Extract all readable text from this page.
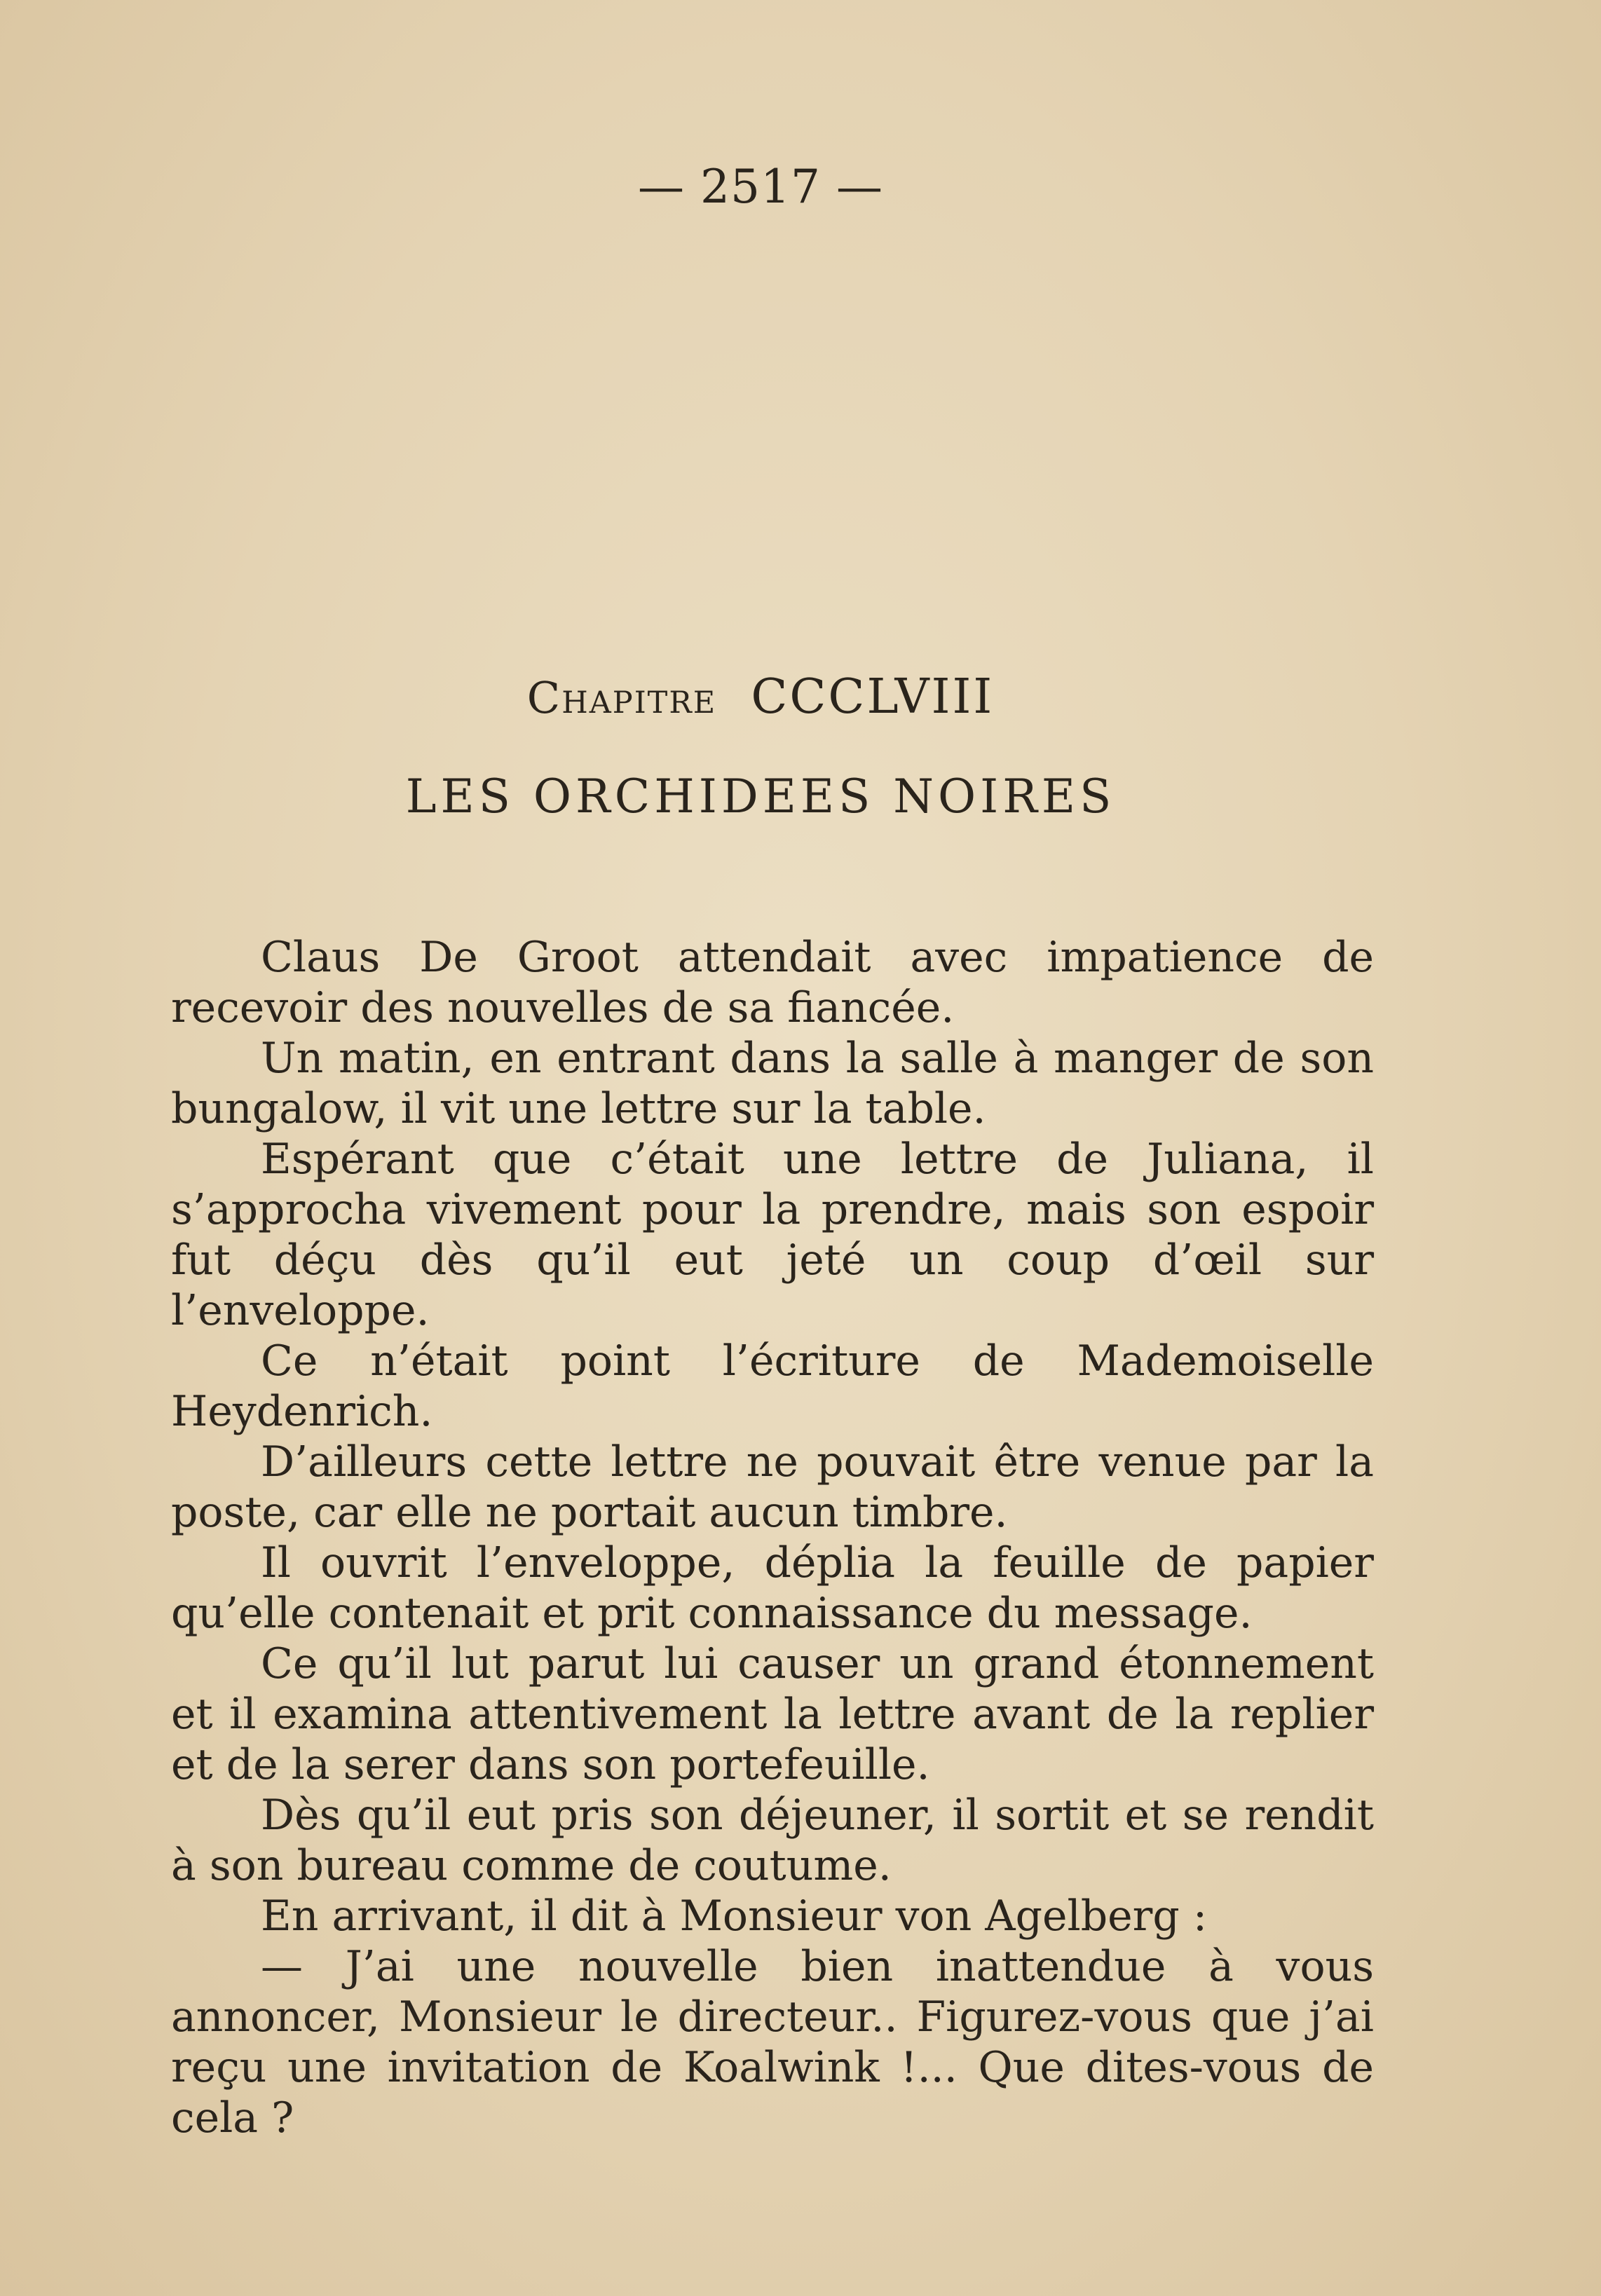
— 2517 —
Chapitre CCCLVIII
LES ORCHIDEES NOIRES

Claus De Groot attendait avec impatience de recevoir des nouvelles de sa fiancée.

Un matin, en entrant dans la salle à manger de son bungalow, il vit une lettre sur la table.

Espérant que c’était une lettre de Juliana, il s’approcha vivement pour la prendre, mais son espoir fut déçu dès qu’il eut jeté un coup d’œil sur l’enveloppe.

Ce n’était point l’écriture de Mademoiselle Heydenrich.

D’ailleurs cette lettre ne pouvait être venue par la poste, car elle ne portait aucun timbre.

Il ouvrit l’enveloppe, déplia la feuille de papier qu’elle contenait et prit connaissance du message.

Ce qu’il lut parut lui causer un grand étonnement et il examina attentivement la lettre avant de la replier et de la serer dans son portefeuille.

Dès qu’il eut pris son déjeuner, il sortit et se rendit à son bureau comme de coutume.

En arrivant, il dit à Monsieur von Agelberg :

— J’ai une nouvelle bien inattendue à vous annoncer, Monsieur le directeur.. Figurez-vous que j’ai reçu une invitation de Koalwink !... Que dites-vous de cela ?
